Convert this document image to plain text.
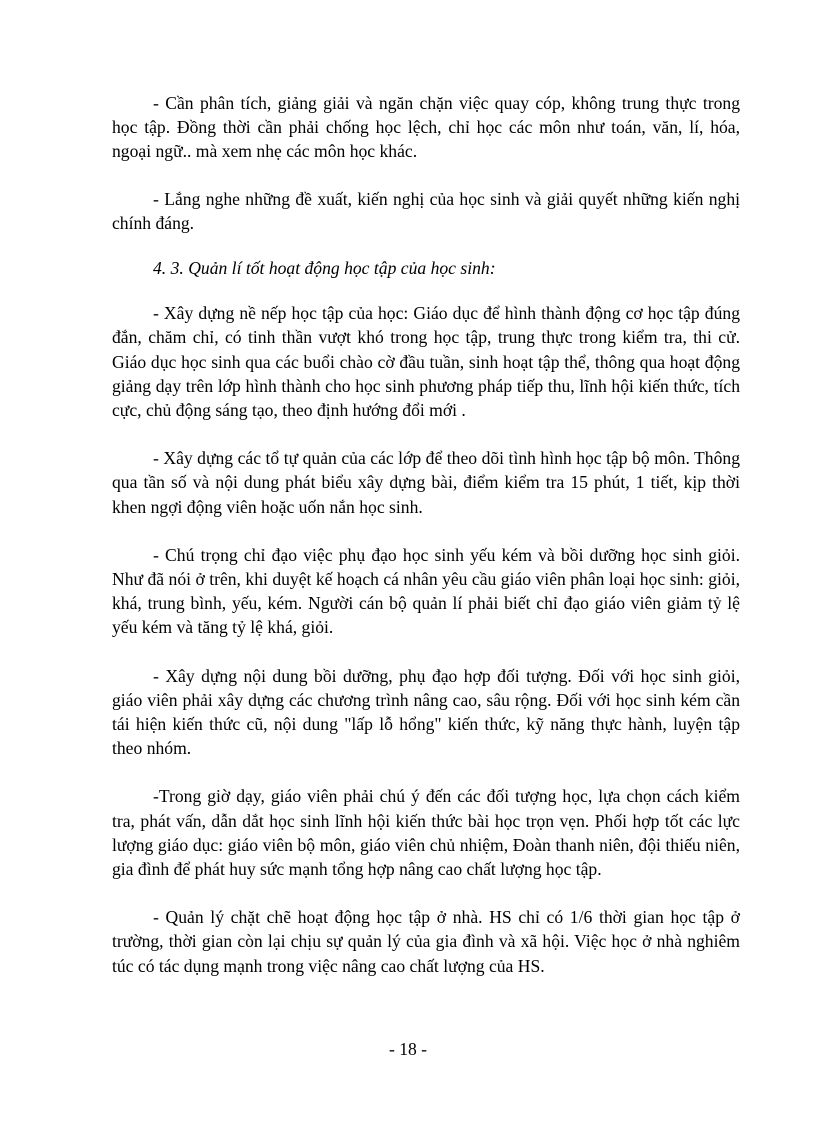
- Cần phân tích, giảng giải và ngăn chặn việc quay cóp, không trung thực trong học tập. Đồng thời cần phải chống học lệch, chỉ học các môn như toán, văn, lí, hóa, ngoại ngữ.. mà xem nhẹ các môn học khác.

- Lắng nghe những đề xuất, kiến nghị của học sinh và giải quyết những kiến nghị chính đáng.

4. 3. Quản lí tốt hoạt động học tập của học sinh:

- Xây dựng nề nếp học tập của học: Giáo dục để hình thành động cơ học tập đúng đắn, chăm chỉ, có tinh thần vượt khó trong học tập, trung thực trong kiểm tra, thi cử. Giáo dục học sinh qua các buổi chào cờ đầu tuần, sinh hoạt tập thể, thông qua hoạt động giảng dạy trên lớp hình thành cho học sinh phương pháp tiếp thu, lĩnh hội kiến thức, tích cực, chủ động sáng tạo, theo định hướng đổi mới .

- Xây dựng các tổ tự quản của các lớp để theo dõi tình hình học tập bộ môn. Thông qua tần số và nội dung phát biểu xây dựng bài, điểm kiểm tra 15 phút, 1 tiết, kịp thời khen ngợi động viên hoặc uốn nắn học sinh.

- Chú trọng chỉ đạo việc phụ đạo học sinh yếu kém và bồi dưỡng học sinh giỏi. Như đã nói ở trên, khi duyệt kế hoạch cá nhân yêu cầu giáo viên phân loại học sinh: giỏi, khá, trung bình, yếu, kém. Người cán bộ quản lí phải biết chỉ đạo giáo viên giảm tỷ lệ yếu kém và tăng tỷ lệ khá, giỏi.

- Xây dựng nội dung bồi dưỡng, phụ đạo hợp đối tượng. Đối với học sinh giỏi, giáo viên phải xây dựng các chương trình nâng cao, sâu rộng. Đối với học sinh kém cần tái hiện kiến thức cũ, nội dung "lấp lỗ hổng" kiến thức, kỹ năng thực hành, luyện tập theo nhóm.

-Trong giờ dạy, giáo viên phải chú ý đến các đối tượng học, lựa chọn cách kiểm tra, phát vấn, dẫn dắt học sinh lĩnh hội kiến thức bài học trọn vẹn. Phối hợp tốt các lực lượng giáo dục: giáo viên bộ môn, giáo viên chủ nhiệm, Đoàn thanh niên, đội thiếu niên, gia đình để phát huy sức mạnh tổng hợp nâng cao chất lượng học tập.

- Quản lý chặt chẽ hoạt động học tập ở nhà. HS chỉ có 1/6 thời gian học tập ở trường, thời gian còn lại chịu sự quản lý của gia đình và xã hội. Việc học ở nhà nghiêm túc có tác dụng mạnh trong việc nâng cao chất lượng của HS.

- 18 -
